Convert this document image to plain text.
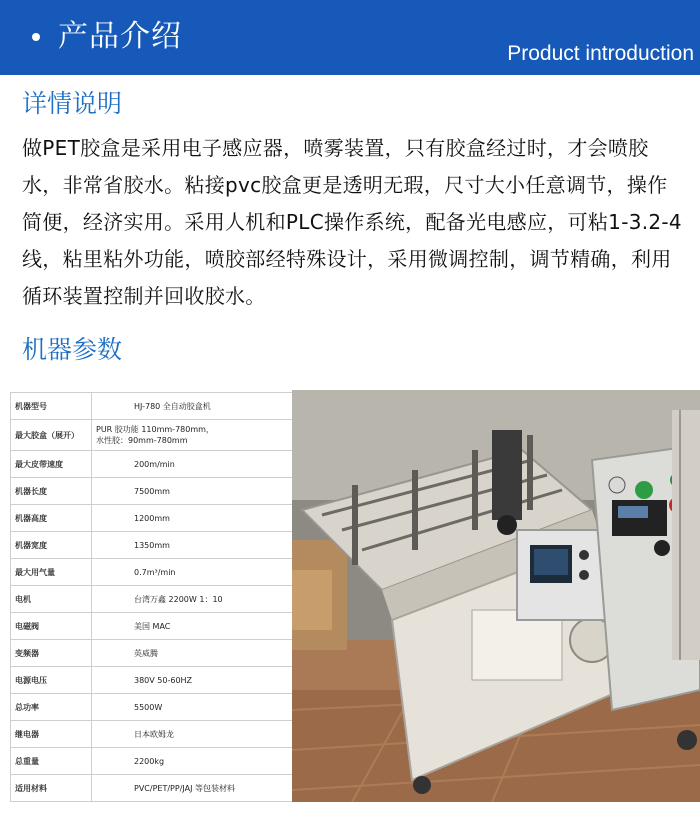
产品介绍	Product introduction
详情说明
做PET胶盒是采用电子感应器，喷雾装置，只有胶盒经过时，才会喷胶水，非常省胶水。粘接pvc胶盒更是透明无瑕，尺寸大小任意调节，操作简便，经济实用。采用人机和PLC操作系统，配备光电感应，可粘1-3.2-4线，粘里粘外功能，喷胶部经特殊设计，采用微调控制，调节精确，利用循环装置控制并回收胶水。
机器参数
机器型号	HJ-780 全自动胶盒机
最大胶盒（展开）	PUR 胶功能 110mm-780mm，
水性胶：90mm-780mm

最大皮带速度	200m/min
机器长度	7500mm
机器高度	1200mm
机器宽度	1350mm
最大用气量	0.7m³/min
电机	台湾万鑫 2200W 1：10
电磁阀	美国 MAC
变频器	英威腾
电源电压	380V 50-60HZ
总功率	5500W
继电器	日本欧姆龙
总重量	2200kg
适用材料	PVC/PET/PP/JAJ 等包装材料
